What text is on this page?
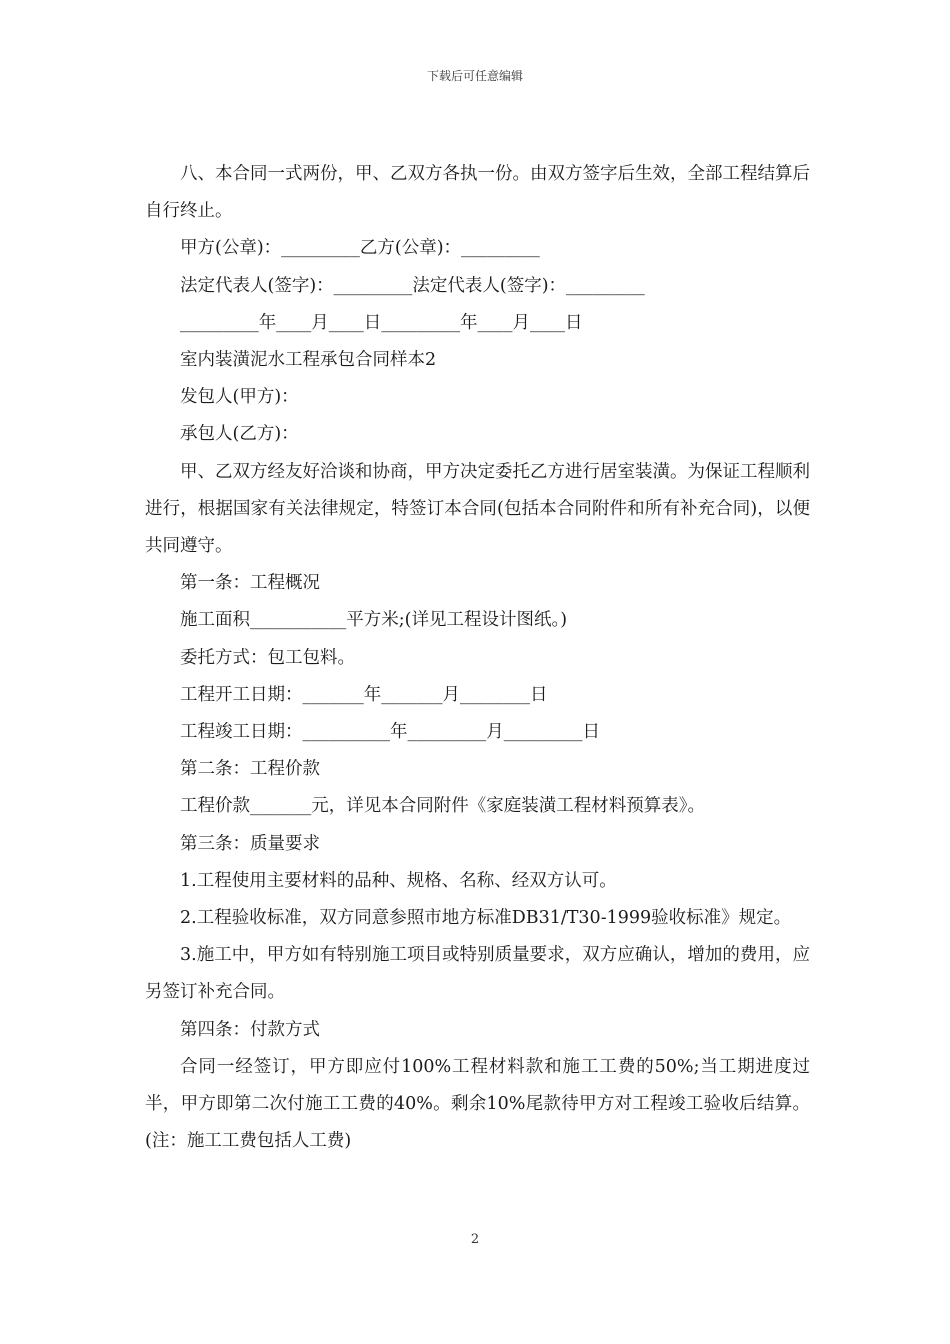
下载后可任意编辑

八、本合同一式两份，甲、乙双方各执一份。由双方签字后生效，全部工程结算后自行终止。

甲方(公章)：_________乙方(公章)：_________

法定代表人(签字)：_________法定代表人(签字)：_________

_________年____月____日_________年____月____日

室内装潢泥水工程承包合同样本2

发包人(甲方)：

承包人(乙方)：

甲、乙双方经友好洽谈和协商，甲方决定委托乙方进行居室装潢。为保证工程顺利进行，根据国家有关法律规定，特签订本合同(包括本合同附件和所有补充合同)，以便共同遵守。

第一条：工程概况

施工面积___________平方米;(详见工程设计图纸。)

委托方式：包工包料。

工程开工日期：_______年_______月________日

工程竣工日期：__________年_________月_________日

第二条：工程价款

工程价款_______元，详见本合同附件《家庭装潢工程材料预算表》。

第三条：质量要求

1.工程使用主要材料的品种、规格、名称、经双方认可。

2.工程验收标准，双方同意参照市地方标准DB31/T30-1999验收标准》规定。

3.施工中，甲方如有特别施工项目或特别质量要求，双方应确认，增加的费用，应另签订补充合同。

第四条：付款方式

合同一经签订，甲方即应付100%工程材料款和施工工费的50%;当工期进度过半，甲方即第二次付施工工费的40%。剩余10%尾款待甲方对工程竣工验收后结算。(注：施工工费包括人工费)

2
